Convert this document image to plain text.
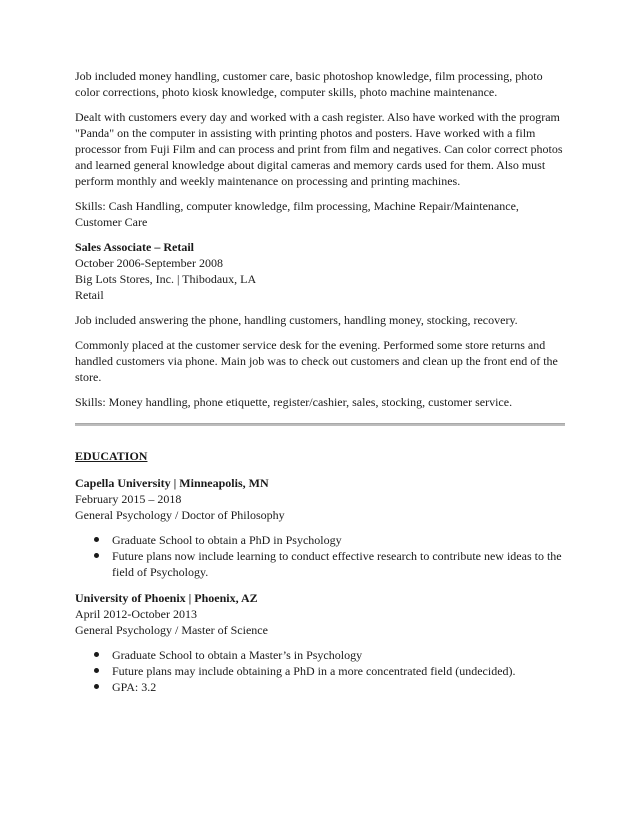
Job included money handling, customer care, basic photoshop knowledge, film processing, photo color corrections, photo kiosk knowledge, computer skills, photo machine maintenance.

Dealt with customers every day and worked with a cash register. Also have worked with the program "Panda" on the computer in assisting with printing photos and posters. Have worked with a film processor from Fuji Film and can process and print from film and negatives. Can color correct photos and learned general knowledge about digital cameras and memory cards used for them. Also must perform monthly and weekly maintenance on processing and printing machines.

Skills: Cash Handling, computer knowledge, film processing, Machine Repair/Maintenance, Customer Care

Sales Associate – Retail

October 2006-September 2008

Big Lots Stores, Inc. | Thibodaux, LA

Retail

Job included answering the phone, handling customers, handling money, stocking, recovery.

Commonly placed at the customer service desk for the evening. Performed some store returns and handled customers via phone. Main job was to check out customers and clean up the front end of the store.

Skills: Money handling, phone etiquette, register/cashier, sales, stocking, customer service.

EDUCATION

Capella University | Minneapolis, MN

February 2015 – 2018

General Psychology / Doctor of Philosophy

Graduate School to obtain a PhD in Psychology
Future plans now include learning to conduct effective research to contribute new ideas to the field of Psychology.

University of Phoenix | Phoenix, AZ

April 2012-October 2013

General Psychology / Master of Science

Graduate School to obtain a Master’s in Psychology
Future plans may include obtaining a PhD in a more concentrated field (undecided).
GPA: 3.2
